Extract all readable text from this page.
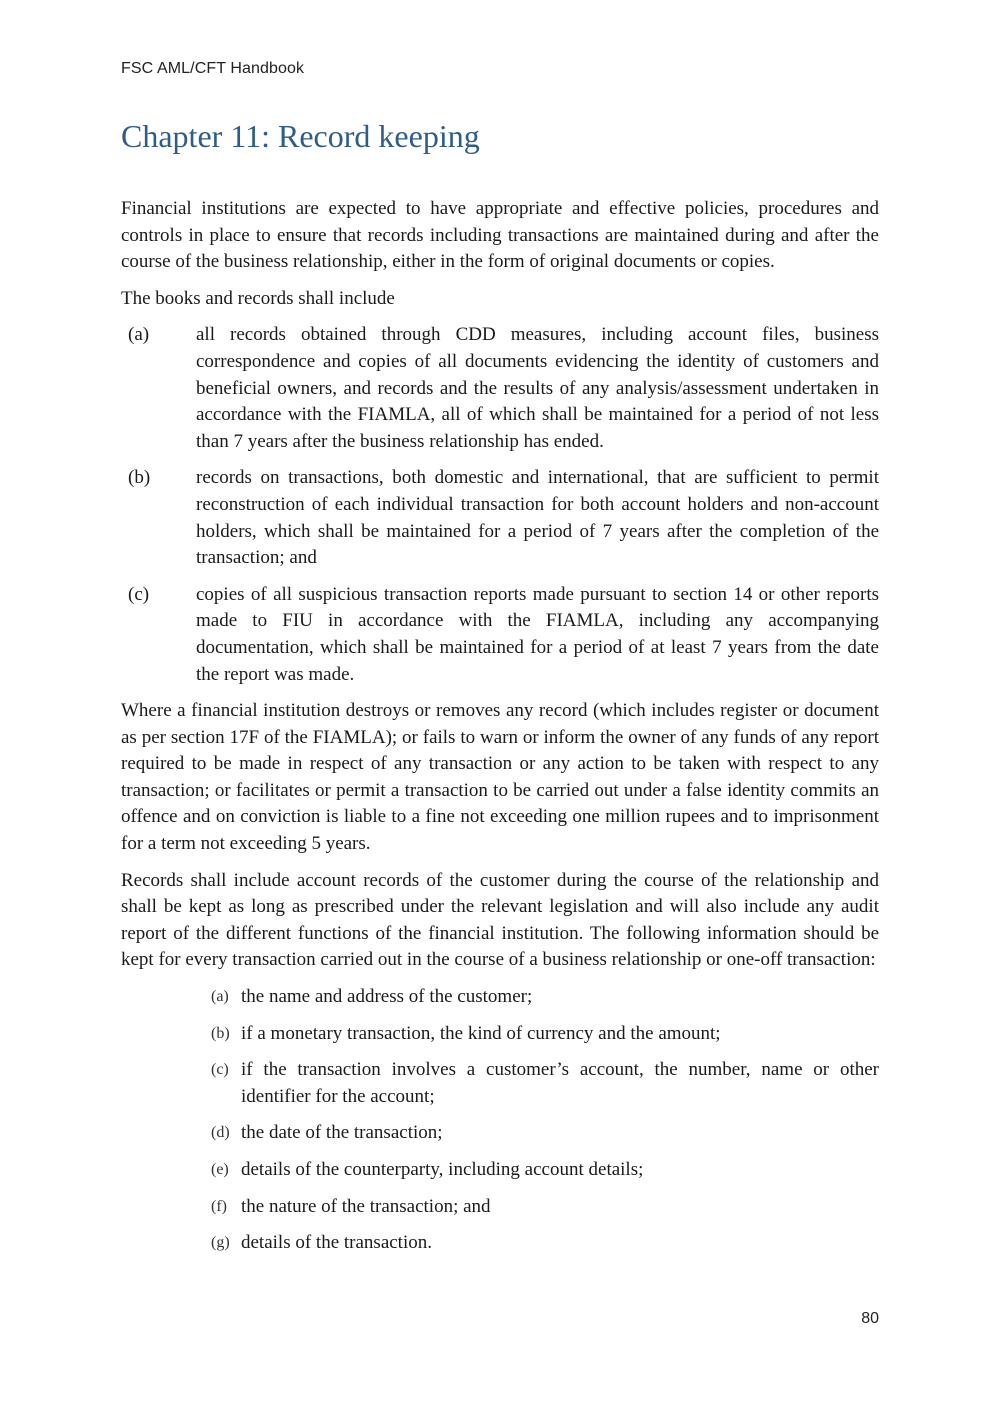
FSC AML/CFT Handbook
Chapter 11: Record keeping

Financial institutions are expected to have appropriate and effective policies, procedures and controls in place to ensure that records including transactions are maintained during and after the course of the business relationship, either in the form of original documents or copies.

The books and records shall include

(a)	all records obtained through CDD measures, including account files, business correspondence and copies of all documents evidencing the identity of customers and beneficial owners, and records and the results of any analysis/assessment undertaken in accordance with the FIAMLA, all of which shall be maintained for a period of not less than 7 years after the business relationship has ended.
(b)	records on transactions, both domestic and international, that are sufficient to permit reconstruction of each individual transaction for both account holders and non-account holders, which shall be maintained for a period of 7 years after the completion of the transaction; and
(c)	copies of all suspicious transaction reports made pursuant to section 14 or other reports made to FIU in accordance with the FIAMLA, including any accompanying documentation, which shall be maintained for a period of at least 7 years from the date the report was made.

Where a financial institution destroys or removes any record (which includes register or document as per section 17F of the FIAMLA); or fails to warn or inform the owner of any funds of any report required to be made in respect of any transaction or any action to be taken with respect to any transaction; or facilitates or permit a transaction to be carried out under a false identity commits an offence and on conviction is liable to a fine not exceeding one million rupees and to imprisonment for a term not exceeding 5 years.

Records shall include account records of the customer during the course of the relationship and shall be kept as long as prescribed under the relevant legislation and will also include any audit report of the different functions of the financial institution. The following information should be kept for every transaction carried out in the course of a business relationship or one-off transaction:

(a) the name and address of the customer;
(b) if a monetary transaction, the kind of currency and the amount;
(c) if the transaction involves a customer’s account, the number, name or other identifier for the account;
(d) the date of the transaction;
(e) details of the counterparty, including account details;
(f) the nature of the transaction; and
(g) details of the transaction.
80
